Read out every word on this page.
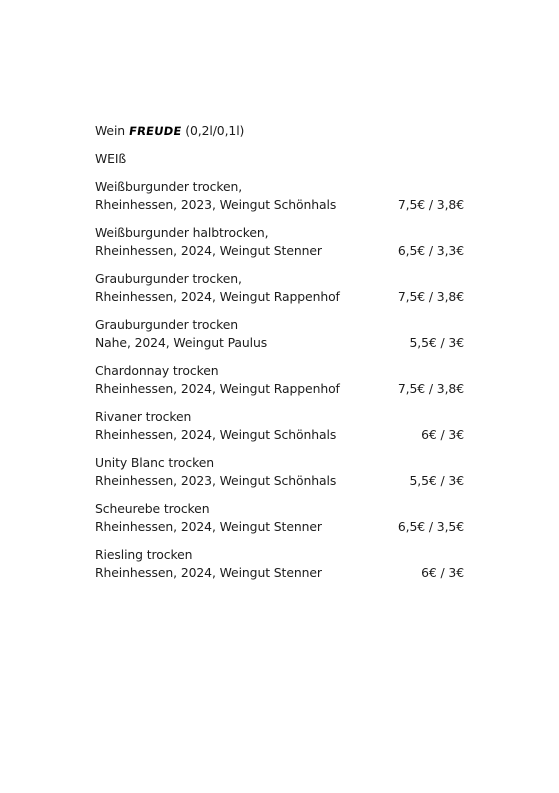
Wein FREUDE (0,2l/0,1l)
WEIß
Weißburgunder trocken,
Rheinhessen, 2023, Weingut Schönhals	7,5€ / 3,8€
Weißburgunder halbtrocken,
Rheinhessen, 2024, Weingut Stenner	6,5€ / 3,3€
Grauburgunder trocken,
Rheinhessen, 2024, Weingut Rappenhof	7,5€ / 3,8€
Grauburgunder trocken
Nahe, 2024, Weingut Paulus	5,5€ / 3€
Chardonnay trocken
Rheinhessen, 2024, Weingut Rappenhof	7,5€ / 3,8€
Rivaner trocken
Rheinhessen, 2024, Weingut Schönhals	6€ / 3€
Unity Blanc trocken
Rheinhessen, 2023, Weingut Schönhals	5,5€ / 3€
Scheurebe trocken
Rheinhessen, 2024, Weingut Stenner	6,5€ / 3,5€
Riesling trocken
Rheinhessen, 2024, Weingut Stenner	6€ / 3€
